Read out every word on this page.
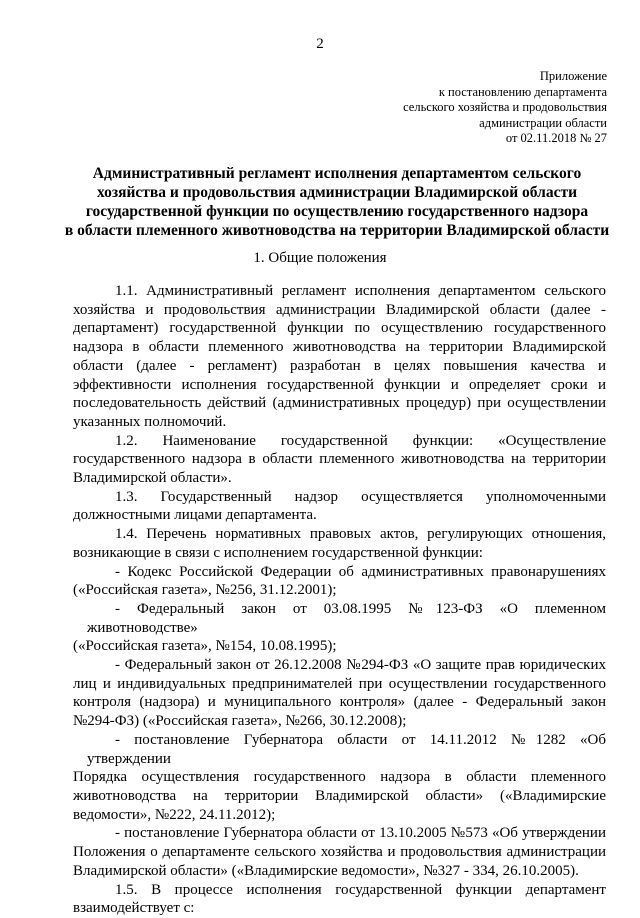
2
Приложение
к постановлению департамента
сельского хозяйства и продовольствия
администрации области
от 02.11.2018 № 27
Административный регламент исполнения департаментом сельского
хозяйства и продовольствия администрации Владимирской области
государственной функции по осуществлению государственного надзора
в области племенного животноводства на территории Владимирской области
1. Общие положения
1.1. Административный регламент исполнения департаментом сельского
хозяйства и продовольствия администрации Владимирской области (далее -
департамент) государственной функции по осуществлению государственного
надзора в области племенного животноводства на территории Владимирской
области (далее - регламент) разработан в целях повышения качества и
эффективности исполнения государственной функции и определяет сроки и
последовательность действий (административных процедур) при осуществлении
указанных полномочий.
1.2. Наименование государственной функции: «Осуществление
государственного надзора в области племенного животноводства на территории
Владимирской области».
1.3. Государственный надзор осуществляется уполномоченными
должностными лицами департамента.
1.4. Перечень нормативных правовых актов, регулирующих отношения,
возникающие в связи с исполнением государственной функции:
- Кодекс Российской Федерации об административных правонарушениях
(«Российская газета», №256, 31.12.2001);
- Федеральный закон от 03.08.1995 №123-ФЗ «О племенном животноводстве»
(«Российская газета», №154, 10.08.1995);
- Федеральный закон от 26.12.2008 №294-ФЗ «О защите прав юридических
лиц и индивидуальных предпринимателей при осуществлении государственного
контроля (надзора) и муниципального контроля» (далее - Федеральный закон
№294-ФЗ) («Российская газета», №266, 30.12.2008);
- постановление Губернатора области от 14.11.2012 №1282 «Об утверждении
Порядка осуществления государственного надзора в области племенного
животноводства на территории Владимирской области» («Владимирские
ведомости», №222, 24.11.2012);
- постановление Губернатора области от 13.10.2005 №573 «Об утверждении
Положения о департаменте сельского хозяйства и продовольствия администрации
Владимирской области» («Владимирские ведомости», №327 - 334, 26.10.2005).
1.5. В процессе исполнения государственной функции департамент
взаимодействует с:
